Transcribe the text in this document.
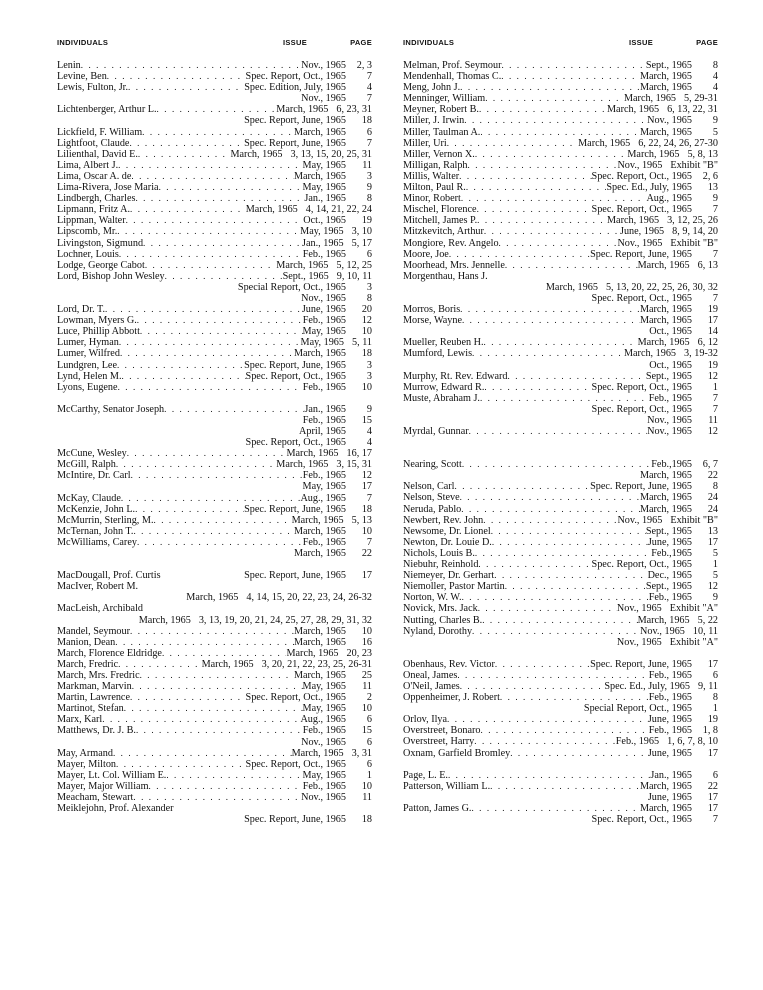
INDIVIDUALS	ISSUE	PAGE
Lenin . . .	Nov., 1965 2, 3
Levine, Ben . . .	Spec. Report, Oct., 1965	7
Lewis, Fulton, Jr. . . .	Spec. Edition, July, 1965	4
Nov., 1965	7
Lichtenberger, Arthur L. . . .	March, 1965 6, 23, 31
Spec. Report, June, 1965	18
Lickfield, F. William . . .	March, 1965	6
Lightfoot, Claude . . .	Spec. Report, June, 1965	7
Lilienthal, David E. . . .	March, 1965 3, 13, 15, 20, 25, 31
Lima, Albert J. . . .	May, 1965	11
Lima, Oscar A. de . . .	March, 1965	3
Lima-Rivera, Jose Maria . . .	May, 1965	9
Lindbergh, Charles . . .	Jan., 1965	8
Lipmann, Fritz A. . . .	March, 1965 4, 14, 21, 22, 24
Lippman, Walter . . .	Oct., 1965	19
Lipscomb, Mr. . . .	May, 1965 3, 10
Livingston, Sigmund . . .	Jan., 1965 5, 17
Lochner, Louis . . .	Feb., 1965	6
Lodge, George Cabot . . .	March, 1965 5, 12, 25
Lord, Bishop John Wesley . . .	Sept., 1965 9, 10, 11
Special Report, Oct., 1965	3
Nov., 1965	8
Lord, Dr. T. . . .	June, 1965	20
Lowman, Myers G. . . .	Feb., 1965	12
Luce, Phillip Abbott . . .	May, 1965	10
Lumer, Hyman . . .	May, 1965 5, 11
Lumer, Wilfred . . .	March, 1965	18
Lundgren, Lee . . .	Spec. Report, June, 1965	3
Lynd, Helen M. . . .	Spec. Report, Oct., 1965	3
Lyons, Eugene . . .	Feb., 1965	10
McCarthy, Senator Joseph . . .	Jan., 1965	9
Feb., 1965	15
April, 1965	4
Spec. Report, Oct., 1965	4
McCune, Wesley . . .	March, 1965 16, 17
McGill, Ralph . . .	March, 1965 3, 15, 31
McIntire, Dr. Carl . . .	Feb., 1965	12
May, 1965	17
McKay, Claude . . .	Aug., 1965	7
McKenzie, John L. . . .	Spec. Report, June, 1965	18
McMurrin, Sterling, M. . . .	March, 1965 5, 13
McTernan, John T. . . .	March, 1965	10
McWilliams, Carey . . .	Feb., 1965	7
March, 1965	22
MacDougall, Prof. Curtis	Spec. Report, June, 1965	17
MacIver, Robert M.
March, 1965 4, 14, 15, 20, 22, 23, 24, 26-32
MacLeish, Archibald
March, 1965 3, 13, 19, 20, 21, 24, 25, 27, 28, 29, 31, 32
Mandel, Seymour . . .	March, 1965	10
Manion, Dean . . .	March, 1965	16
March, Florence Eldridge . . .	March, 1965 20, 23
March, Fredric . . .	March, 1965 3, 20, 21, 22, 23, 25, 26-31
March, Mrs. Fredric . . .	March, 1965	25
Markman, Marvin . . .	May, 1965	11
Martin, Lawrence . . .	Spec. Report, Oct., 1965	2
Martinot, Stefan . . .	May, 1965	10
Marx, Karl . . .	Aug., 1965	6
Matthews, Dr. J. B. . . .	Feb., 1965	15
Nov., 1965	6
May, Armand . . .	March, 1965 3, 31
Mayer, Milton . . .	Spec. Report, Oct., 1965	6
Mayer, Lt. Col. William E. . . .	May, 1965	1
Mayer, Major William . . .	Feb., 1965	10
Meacham, Stewart . . .	Nov., 1965	11
Meiklejohn, Prof. Alexander
Spec. Report, June, 1965	18
INDIVIDUALS	ISSUE	PAGE
Melman, Prof. Seymour . . .	Sept., 1965	8
Mendenhall, Thomas C. . . .	March, 1965	4
Meng, John J. . . .	March, 1965	4
Menninger, William . . .	March, 1965 5, 29-31
Meyner, Robert B. . . .	March, 1965 6, 13, 22, 31
Miller, J. Irwin . . .	Nov., 1965	9
Miller, Taulman A. . . .	March, 1965	5
Miller, Uri . . .	March, 1965 6, 22, 24, 26, 27-30
Miller, Vernon X. . . .	March, 1965 5, 8, 13
Milligan, Ralph . . .	Nov., 1965 Exhibit "B"
Millis, Walter . . .	Spec. Report, Oct., 1965 2, 6
Milton, Paul R. . . .	Spec. Ed., July, 1965	13
Minor, Robert . . .	Aug., 1965	9
Mischel, Florence . . .	Spec. Report, Oct., 1965	7
Mitchell, James P. . . .	March, 1965 3, 12, 25, 26
Mitzkevitch, Arthur . . .	June, 1965 8, 9, 14, 20
Mongiore, Rev. Angelo . . .	Nov., 1965 Exhibit "B"
Moore, Joe . . .	Spec. Report, June, 1965	7
Moorhead, Mrs. Jennelle . . .	March, 1965 6, 13
Morgenthau, Hans J.
March, 1965 5, 13, 20, 22, 25, 26, 30, 32
Spec. Report, Oct., 1965	7
Morros, Boris . . .	March, 1965	19
Morse, Wayne . . .	March, 1965	17
Oct., 1965	14
Mueller, Reuben H. . . .	March, 1965 6, 12
Mumford, Lewis . . .	March, 1965 3, 19-32
Oct., 1965	19
Murphy, Rt. Rev. Edward . . .	Sept., 1965	12
Murrow, Edward R. . . .	Spec. Report, Oct., 1965	1
Muste, Abraham J. . . .	Feb., 1965	7
Spec. Report, Oct., 1965	7
Nov., 1965	11
Myrdal, Gunnar . . .	Nov., 1965	12
Nearing, Scott . . .	Feb.,1965 6, 7
March, 1965	22
Nelson, Carl . . .	Spec. Report, June, 1965	8
Nelson, Steve . . .	March, 1965	24
Neruda, Pablo . . .	March, 1965	24
Newbert, Rev. John . . .	Nov., 1965 Exhibit "B"
Newsome, Dr. Lionel . . .	Sept., 1965	13
Newton, Dr. Louie D. . . .	June, 1965	17
Nichols, Louis B. . . .	Feb.,1965	5
Niebuhr, Reinhold . . .	Spec. Report, Oct., 1965	1
Niemeyer, Dr. Gerhart . . .	Dec., 1965	5
Niemoller, Pastor Martin . . .	Sept., 1965	12
Norton, W. W. . . .	Feb., 1965	9
Novick, Mrs. Jack . . .	Nov., 1965 Exhibit "A"
Nutting, Charles B. . . .	March, 1965 5, 22
Nyland, Dorothy . . .	Nov., 1965 10, 11
Nov., 1965 Exhibit "A"
Obenhaus, Rev. Victor . . .	Spec. Report, June, 1965	17
Oneal, James . . .	Feb., 1965	6
O'Neil, James . . .	Spec. Ed., July, 1965 9, 11
Oppenheimer, J. Robert . . .	Feb., 1965	8
Special Report, Oct., 1965	1
Orlov, Ilya . . .	June, 1965	19
Overstreet, Bonaro . . .	Feb., 1965 1, 8
Overstreet, Harry . . .	Feb., 1965 1, 6, 7, 8, 10
Oxnam, Garfield Bromley . . .	June, 1965	17
Page, L. E. . . .	Jan., 1965	6
Patterson, William L. . . .	March, 1965	22
June, 1965	17
Patton, James G. . . .	March, 1965	17
Spec. Report, Oct., 1965	7
